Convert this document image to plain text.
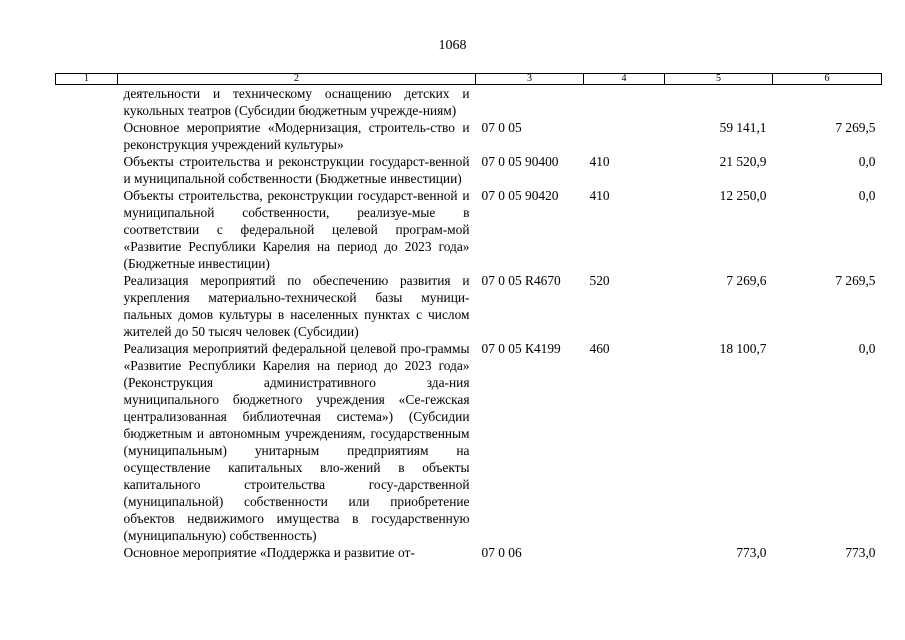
1068
1	2	3	4	5	6
	деятельности и техническому оснащению детских и кукольных театров (Субсидии бюджетным учрежде-ниям)				
	Основное мероприятие «Модернизация, строитель-ство и реконструкция учреждений культуры»	07 0 05		59 141,1	7 269,5
	Объекты строительства и реконструкции государст-венной и муниципальной собственности (Бюджетные инвестиции)	07 0 05 90400	410	21 520,9	0,0
	Объекты строительства, реконструкции государст-венной и муниципальной собственности, реализуе-мые в соответствии с федеральной целевой програм-мой «Развитие Республики Карелия на период до 2023 года» (Бюджетные инвестиции)	07 0 05 90420	410	12 250,0	0,0
	Реализация мероприятий по обеспечению развития и укрепления материально-технической базы муници-пальных домов культуры в населенных пунктах с числом жителей до 50 тысяч человек (Субсидии)	07 0 05 R4670	520	7 269,6	7 269,5
	Реализация мероприятий федеральной целевой про-граммы «Развитие Республики Карелия на период до 2023 года» (Реконструкция административного зда-ния муниципального бюджетного учреждения «Се-гежская централизованная библиотечная система») (Субсидии бюджетным и автономным учреждениям, государственным (муниципальным) унитарным предприятиям на осуществление капитальных вло-жений в объекты капитального строительства госу-дарственной (муниципальной) собственности или приобретение объектов недвижимого имущества в государственную (муниципальную) собственность)	07 0 05 К4199	460	18 100,7	0,0
	Основное мероприятие «Поддержка и развитие от-	07 0 06		773,0	773,0
